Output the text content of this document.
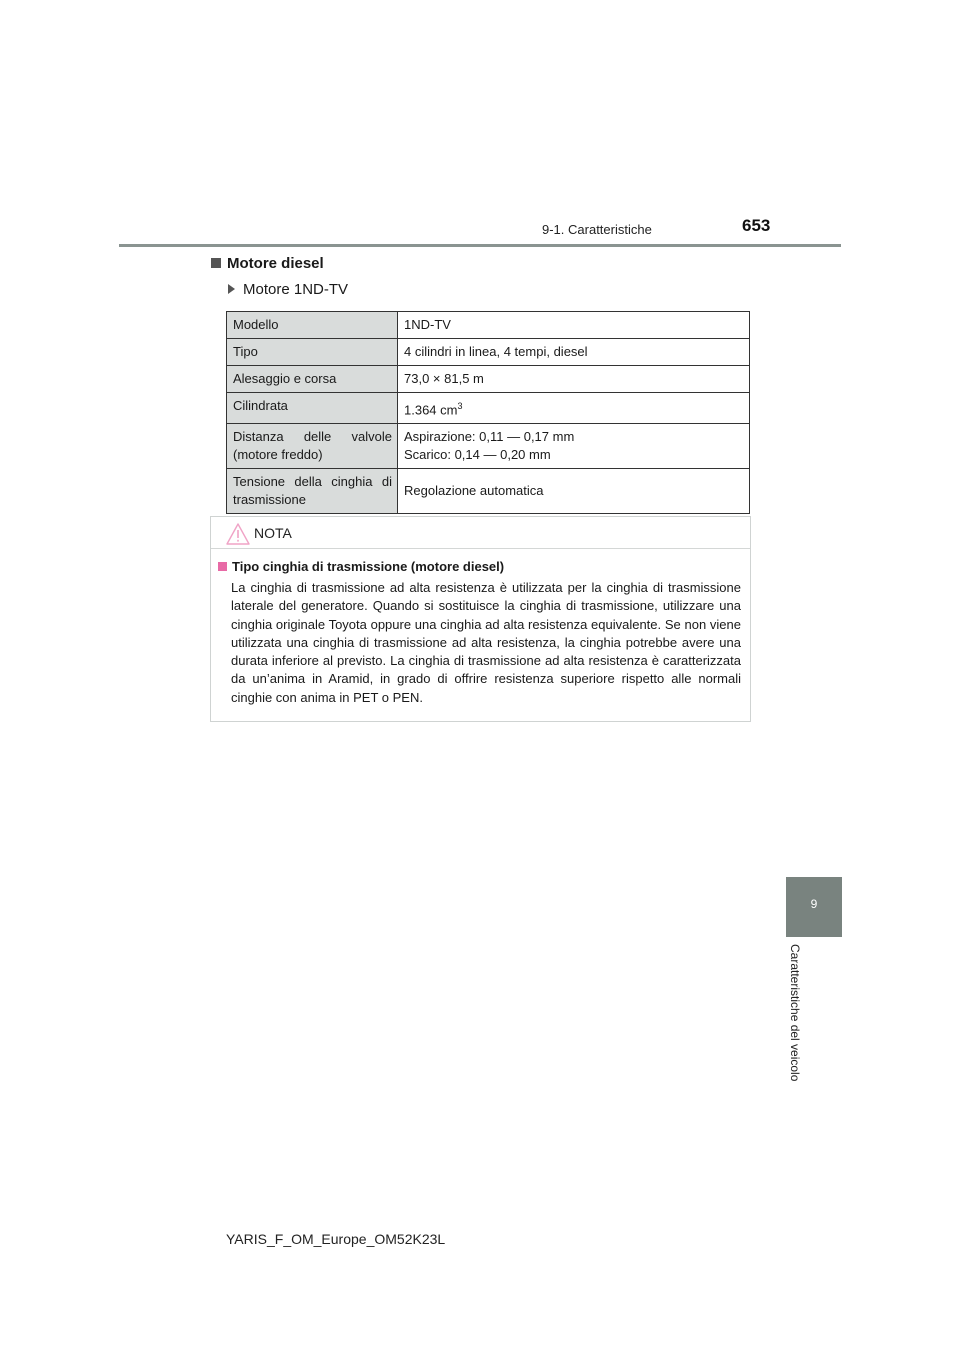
9-1. Caratteristiche	653
Motore diesel
Motore 1ND-TV
Modello	1ND-TV
Tipo	4 cilindri in linea, 4 tempi, diesel
Alesaggio e corsa	73,0 × 81,5 m
Cilindrata	1.364 $cm^3$
Distanza delle valvole (motore freddo)	Aspirazione: 0,11 — 0,17 mm
Scarico: 0,14 — 0,20 mm

Tensione della cinghia di trasmissione	Regolazione automatica
NOTA
Tipo cinghia di trasmissione (motore diesel)
La cinghia di trasmissione ad alta resistenza è utilizzata per la cinghia di trasmissione laterale del generatore. Quando si sostituisce la cinghia di trasmissione, utilizzare una cinghia originale Toyota oppure una cinghia ad alta resistenza equivalente. Se non viene utilizzata una cinghia di trasmissione ad alta resistenza, la cinghia potrebbe avere una durata inferiore al previsto. La cinghia di trasmissione ad alta resistenza è caratterizzata da un’anima in Aramid, in grado di offrire resistenza superiore rispetto alle normali cinghie con anima in PET o PEN.
9
Caratteristiche del veicolo
YARIS_F_OM_Europe_OM52K23L
